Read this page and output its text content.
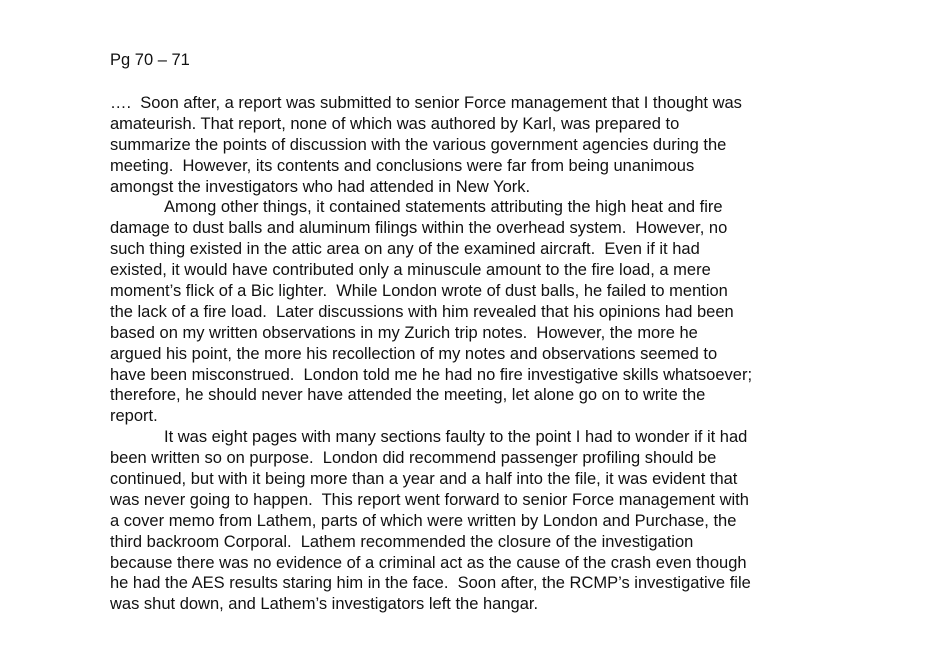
Pg 70 – 71
….  Soon after, a report was submitted to senior Force management that I thought was
amateurish. That report, none of which was authored by Karl, was prepared to
summarize the points of discussion with the various government agencies during the
meeting.  However, its contents and conclusions were far from being unanimous
amongst the investigators who had attended in New York.
Among other things, it contained statements attributing the high heat and fire
damage to dust balls and aluminum filings within the overhead system.  However, no
such thing existed in the attic area on any of the examined aircraft.  Even if it had
existed, it would have contributed only a minuscule amount to the fire load, a mere
moment’s flick of a Bic lighter.  While London wrote of dust balls, he failed to mention
the lack of a fire load.  Later discussions with him revealed that his opinions had been
based on my written observations in my Zurich trip notes.  However, the more he
argued his point, the more his recollection of my notes and observations seemed to
have been misconstrued.  London told me he had no fire investigative skills whatsoever;
therefore, he should never have attended the meeting, let alone go on to write the
report.
It was eight pages with many sections faulty to the point I had to wonder if it had
been written so on purpose.  London did recommend passenger profiling should be
continued, but with it being more than a year and a half into the file, it was evident that
was never going to happen.  This report went forward to senior Force management with
a cover memo from Lathem, parts of which were written by London and Purchase, the
third backroom Corporal.  Lathem recommended the closure of the investigation
because there was no evidence of a criminal act as the cause of the crash even though
he had the AES results staring him in the face.  Soon after, the RCMP’s investigative file
was shut down, and Lathem’s investigators left the hangar.
